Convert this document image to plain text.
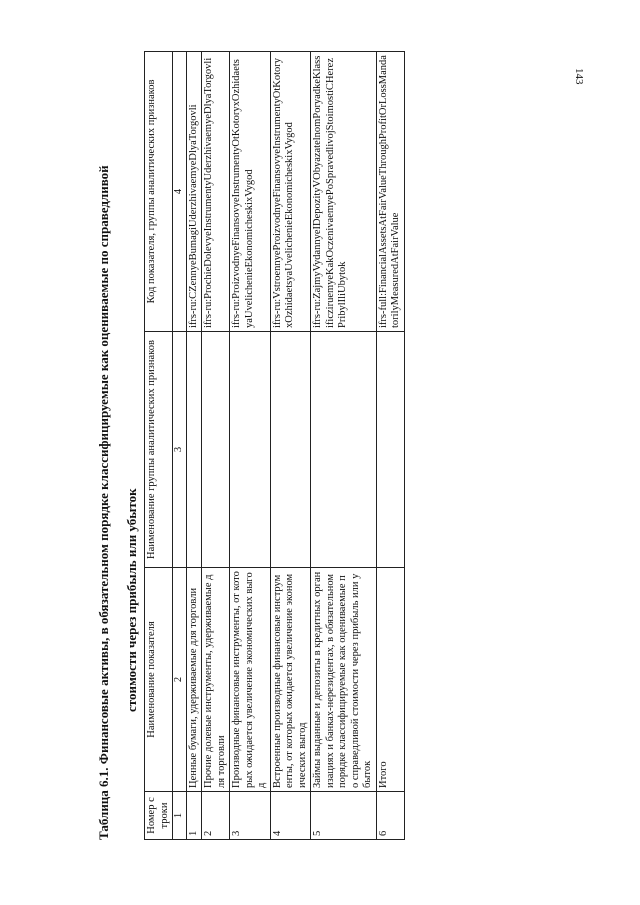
143
Таблица 6.1. Финансовые активы, в обязательном порядке классифицируемые как оцениваемые по справедливой стоимости через прибыль или убыток
Номер строки	Наименование показателя	Наименование группы аналитических признаков	Код показателя, группы аналитических признаков
1	2	3	4
1	Ценные бумаги, удерживаемые для торговли		ifrs-ru:CZennyeBumagiUderzhivaemyeDlyaTorgovli
2	Прочие долевые инструменты, удерживаемые для торговли		ifrs-ru:ProchieDolevyeInstrumentyUderzhivaemyeDlyaTorgovli
3	Производные финансовые инструменты, от которых ожидается увеличение экономических выгод		ifrs-ru:ProizvodnyeFinansovyeInstrumentyOtKotoryxOzhidaetsyaUvelichenieEkonomicheskixVygod
4	Встроенные производные финансовые инструменты, от которых ожидается увеличение экономических выгод		ifrs-ru:VstroennyeProizvodnyeFinansovyeInstrumentyOtKotoryxOzhidaetsyaUvelichenieEkonomicheskixVygod
5	Займы выданные и депозиты в кредитных организациях и банках-нерезидентах, в обязательном порядке классифицируемые как оцениваемые по справедливой стоимости через прибыль или убыток		ifrs-ru:ZajmyVydannyeIDepozityVObyazatelnomPoryadkeKlassificziruemyeKakOczenivaemyePoSpravedlivojStoimostiCHerezPribylIliUbytok
6	Итого		ifrs-full:FinancialAssetsAtFairValueThroughProfitOrLossMandatorilyMeasuredAtFairValue
